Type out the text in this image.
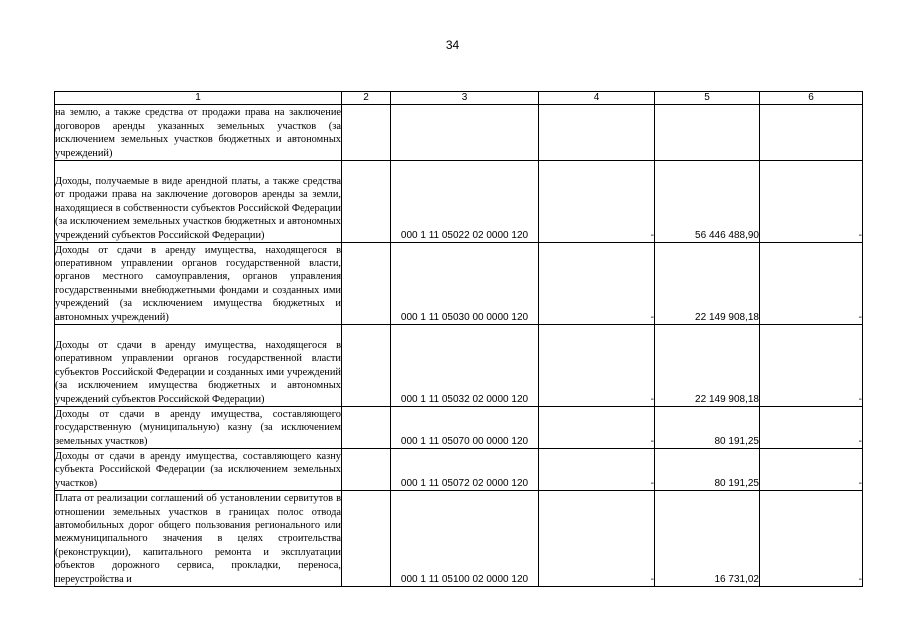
34
1	2	3	4	5	6
на землю, а также средства от продажи права на заключение договоров аренды указанных земельных участков (за исключением земельных участков бюджетных и автономных учреждений)					
Доходы, получаемые в виде арендной платы, а также средства от продажи права на заключение договоров аренды за земли, находящиеся в собственности субъектов Российской Федерации (за исключением земельных участков бюджетных и автономных учреждений субъектов Российской Федерации)		000 1 11 05022 02 0000 120	-	56 446 488,90	-
Доходы от сдачи в аренду имущества, находящегося в оперативном управлении органов государственной власти, органов местного самоуправления, органов управления государственными внебюджетными фондами и созданных ими учреждений (за исключением имущества бюджетных и автономных учреждений)		000 1 11 05030 00 0000 120	-	22 149 908,18	-
Доходы от сдачи в аренду имущества, находящегося в оперативном управлении органов государственной власти субъектов Российской Федерации и созданных ими учреждений (за исключением имущества бюджетных и автономных учреждений субъектов Российской Федерации)		000 1 11 05032 02 0000 120	-	22 149 908,18	-
Доходы от сдачи в аренду имущества, составляющего государственную (муниципальную) казну (за исключением земельных участков)		000 1 11 05070 00 0000 120	-	80 191,25	-
Доходы от сдачи в аренду имущества, составляющего казну субъекта Российской Федерации (за исключением земельных участков)		000 1 11 05072 02 0000 120	-	80 191,25	-
Плата от реализации соглашений об установлении сервитутов в отношении земельных участков в границах полос отвода автомобильных дорог общего пользования регионального или межмуниципального значения в целях строительства (реконструкции), капитального ремонта и эксплуатации объектов дорожного сервиса, прокладки, переноса, переустройства и		000 1 11 05100 02 0000 120	-	16 731,02	-
